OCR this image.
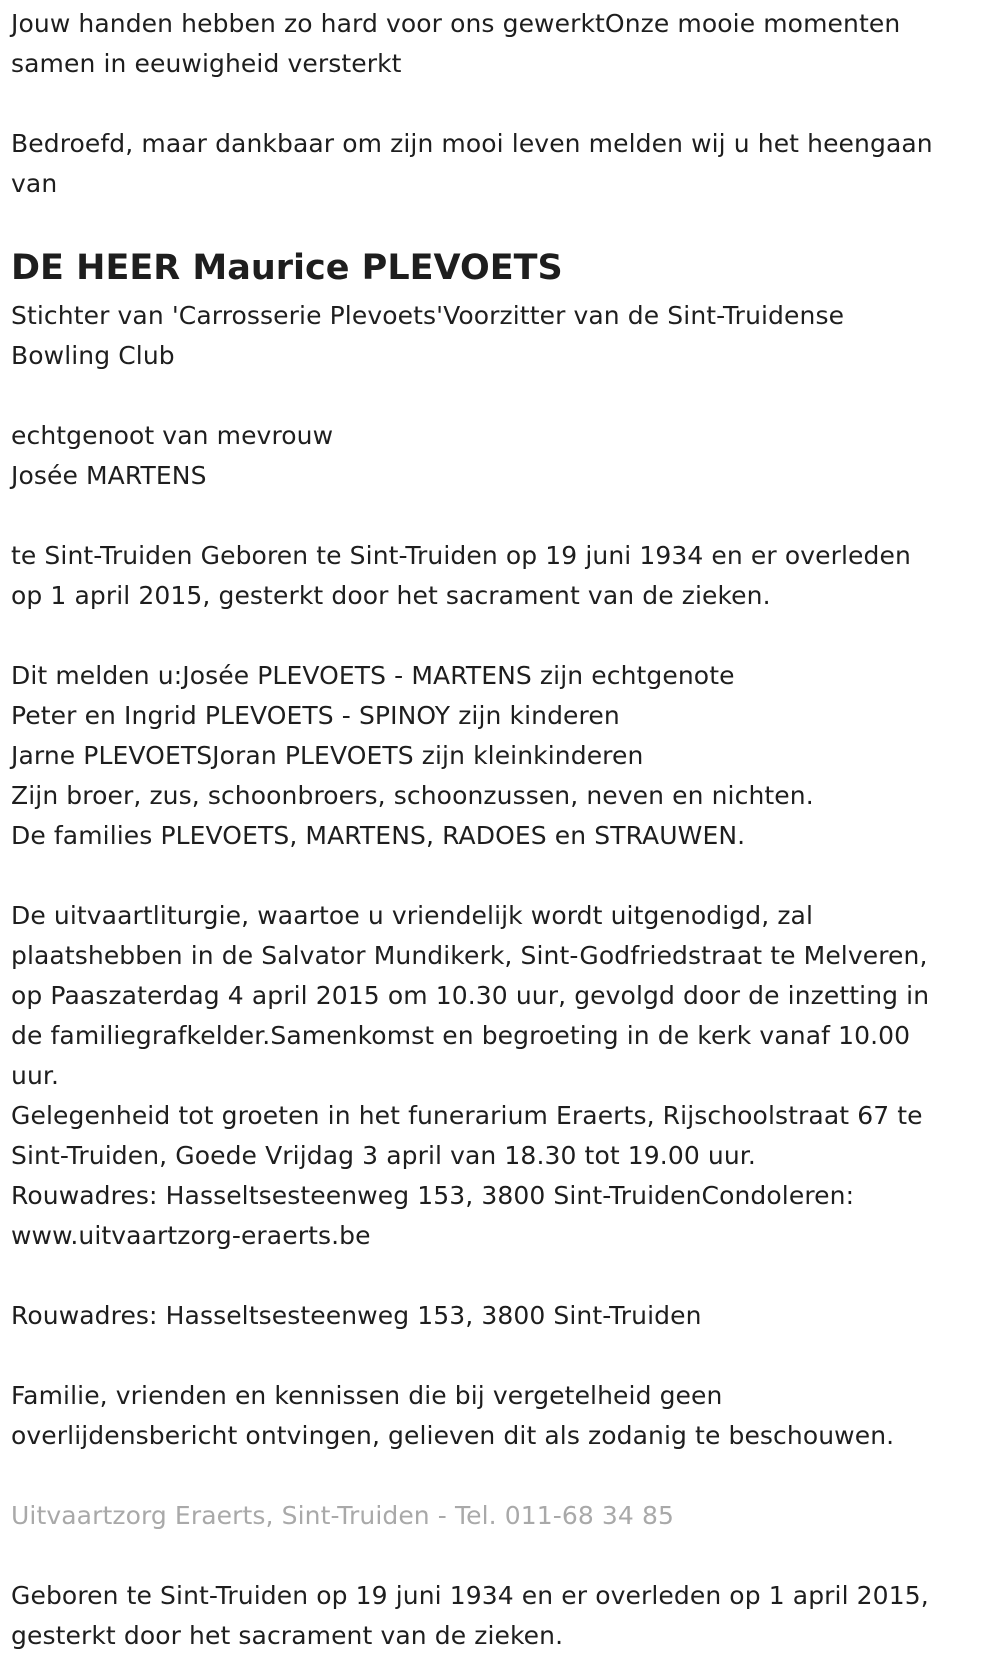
Jouw handen hebben zo hard voor ons gewerktOnze mooie momenten
samen in eeuwigheid versterkt

Bedroefd, maar dankbaar om zijn mooi leven melden wij u het heengaan
van

DE HEER Maurice PLEVOETS

Stichter van 'Carrosserie Plevoets'Voorzitter van de Sint-Truidense
Bowling Club

echtgenoot van mevrouw
Josée MARTENS

te Sint-Truiden Geboren te Sint-Truiden op 19 juni 1934 en er overleden
op 1 april 2015, gesterkt door het sacrament van de zieken.

Dit melden u:Josée PLEVOETS - MARTENS zijn echtgenote
Peter en Ingrid PLEVOETS - SPINOY zijn kinderen
Jarne PLEVOETSJoran PLEVOETS zijn kleinkinderen
Zijn broer, zus, schoonbroers, schoonzussen, neven en nichten.
De families PLEVOETS, MARTENS, RADOES en STRAUWEN.

De uitvaartliturgie, waartoe u vriendelijk wordt uitgenodigd, zal
plaatshebben in de Salvator Mundikerk, Sint-Godfriedstraat te Melveren,
op Paaszaterdag 4 april 2015 om 10.30 uur, gevolgd door de inzetting in
de familiegrafkelder.Samenkomst en begroeting in de kerk vanaf 10.00
uur.
Gelegenheid tot groeten in het funerarium Eraerts, Rijschoolstraat 67 te
Sint-Truiden, Goede Vrijdag 3 april van 18.30 tot 19.00 uur.
Rouwadres: Hasseltsesteenweg 153, 3800 Sint-TruidenCondoleren:
www.uitvaartzorg-eraerts.be

Rouwadres: Hasseltsesteenweg 153, 3800 Sint-Truiden

Familie, vrienden en kennissen die bij vergetelheid geen
overlijdensbericht ontvingen, gelieven dit als zodanig te beschouwen.

Uitvaartzorg Eraerts, Sint-Truiden - Tel. 011-68 34 85

Geboren te Sint-Truiden op 19 juni 1934 en er overleden op 1 april 2015,
gesterkt door het sacrament van de zieken.
